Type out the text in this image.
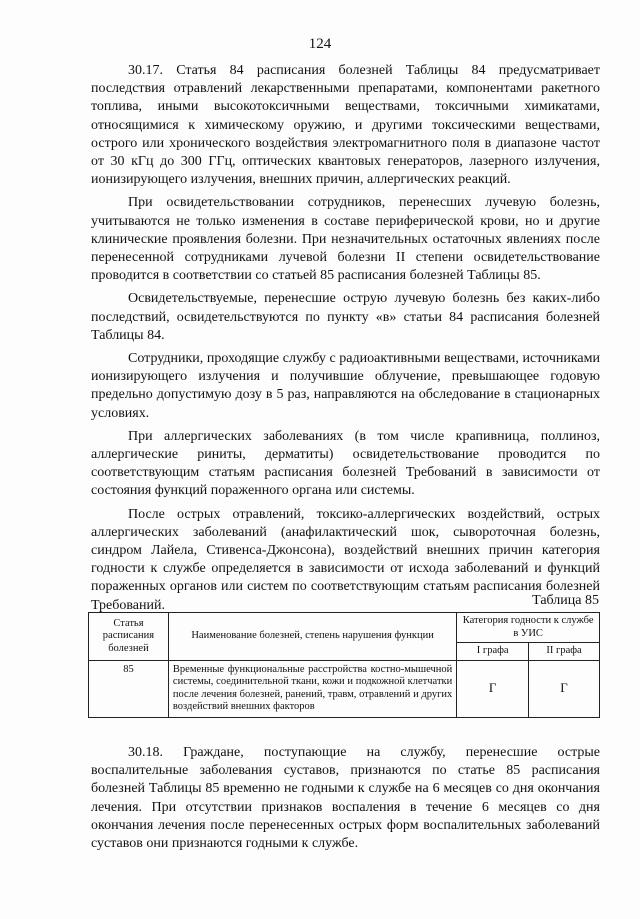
124

30.17. Статья 84 расписания болезней Таблицы 84 предусматривает последствия отравлений лекарственными препаратами, компонентами ракетного топлива, иными высокотоксичными веществами, токсичными химикатами, относящимися к химическому оружию, и другими токсическими веществами, острого или хронического воздействия электромагнитного поля в диапазоне частот от 30 кГц до 300 ГГц, оптических квантовых генераторов, лазерного излучения, ионизирующего излучения, внешних причин, аллергических реакций.

При освидетельствовании сотрудников, перенесших лучевую болезнь, учитываются не только изменения в составе периферической крови, но и другие клинические проявления болезни. При незначительных остаточных явлениях после перенесенной сотрудниками лучевой болезни II степени освидетельствование проводится в соответствии со статьей 85 расписания болезней Таблицы 85.

Освидетельствуемые, перенесшие острую лучевую болезнь без каких-либо последствий, освидетельствуются по пункту «в» статьи 84 расписания болезней Таблицы 84.

Сотрудники, проходящие службу с радиоактивными веществами, источниками ионизирующего излучения и получившие облучение, превышающее годовую предельно допустимую дозу в 5 раз, направляются на обследование в стационарных условиях.

При аллергических заболеваниях (в том числе крапивница, поллиноз, аллергические риниты, дерматиты) освидетельствование проводится по соответствующим статьям расписания болезней Требований в зависимости от состояния функций пораженного органа или системы.

После острых отравлений, токсико-аллергических воздействий, острых аллергических заболеваний (анафилактический шок, сывороточная болезнь, синдром Лайела, Стивенса-Джонсона), воздействий внешних причин категория годности к службе определяется в зависимости от исхода заболеваний и функций пораженных органов или систем по соответствующим статьям расписания болезней Требований.	Таблица 85
Статья расписания болезней	Наименование болезней, степень нарушения функции	Категория годности к службе в УИС	
		I графа	II графа
85	Временные функциональные расстройства костно-мышечной системы, соединительной ткани, кожи и подкожной клетчатки после лечения болезней, ранений, травм, отравлений и других воздействий внешних факторов	Г	Г

30.18. Граждане, поступающие на службу, перенесшие острые воспалительные заболевания суставов, признаются по статье 85 расписания болезней Таблицы 85 временно не годными к службе на 6 месяцев со дня окончания лечения. При отсутствии признаков воспаления в течение 6 месяцев со дня окончания лечения после перенесенных острых форм воспалительных заболеваний суставов они признаются годными к службе.
